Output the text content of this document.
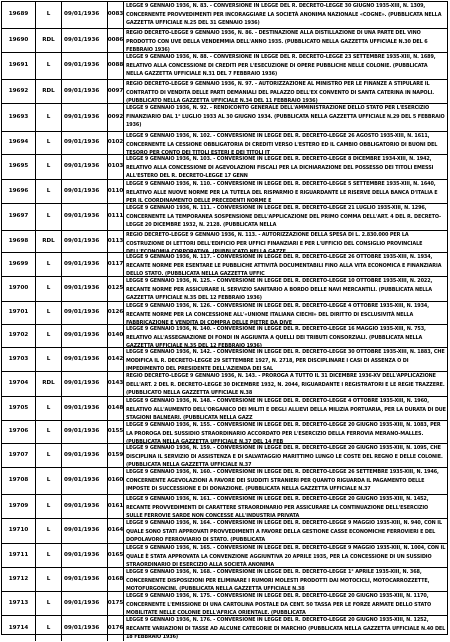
19689	L	09/01/1936	0083
LEGGE 9 GENNAIO 1936, N. 83. - CONVERSIONE IN LEGGE DEL R. DECRETO-LEGGE 30 GIUGNO 1935-XIII, N. 1309, CONCERNENTE PROVVEDIMENTI PER INCORAGGIARE LA SOCIETÀ ANONIMA NAZIONALE «COGNE». (PUBBLICATA NELLA GAZZETTA UFFICIALE N.25 DEL 31 GENNAIO 1936)
19690	RDL	09/01/1936	0086
REGIO DECRETO-LEGGE 9 GENNAIO 1936, N. 86. - DESTINAZIONE ALLA DISTILLAZIONE DI UNA PARTE DEL VINO PRODOTTO CON UVE DELLA VENDEMMIA DELL'ANNO 1935. (PUBBLICATO NELLA GAZZETTA UFFICIALE N.30 DEL 6 FEBBRAIO 1936)
19691	L	09/01/1936	0088
LEGGE 9 GENNAIO 1936, N. 88. - CONVERSIONE IN LEGGE DEL R. DECRETO-LEGGE 23 SETTEMBRE 1935-XIII, N. 1689, RELATIVO ALLA CONCESSIONE DI CREDITI PER L'ESECUZIONE DI OPERE PUBBLICHE NELLE COLONIE. (PUBBLICATA NELLA GAZZETTA UFFICIALE N.31 DEL 7 FEBBRAIO 1936)
19692	RDL	09/01/1936	0097
REGIO DECRETO-LEGGE 9 GENNAIO 1936, N. 97. - AUTORIZZAZIONE AL MINISTRO PER LE FINANZE A STIPULARE IL CONTRATTO DI VENDITA DELLE PARTI DEMANIALI DEL PALAZZO DELL'EX CONVENTO DI SANTA CATERINA IN NAPOLI. (PUBBLICATO NELLA GAZZETTA UFFICIALE N.34 DEL 11 FEBBRAIO 1936)
19693	L	09/01/1936	0092
LEGGE 9 GENNAIO 1936, N. 92. - RENDICONTO GENERALE DELL'AMMINISTRAZIONE DELLO STATO PER L'ESERCIZIO FINANZIARIO DAL 1° LUGLIO 1933 AL 30 GIUGNO 1934. (PUBBLICATA NELLA GAZZETTA UFFICIALE N.29 DEL 5 FEBBRAIO 1936)
19694	L	09/01/1936	0102
LEGGE 9 GENNAIO 1936, N. 102. - CONVERSIONE IN LEGGE DEL R. DECRETO-LEGGE 26 AGOSTO 1935-XIII, N. 1611, CONCERNENTE LA CESSIONE OBBLIGATORIA DI CREDITI VERSO L'ESTERO ED IL CAMBIO OBBLIGATORIO DI BUONI DEL TESORO PER CONTO DEI TITOLI ESTERI E DEI TITOLI IT
19695	L	09/01/1936	0103
LEGGE 9 GENNAIO 1936, N. 103. - CONVERSIONE IN LEGGE DEL R. DECRETO-LEGGE 8 DICEMBRE 1934-XIII, N. 1942, RELATIVO ALLA CONCESSIONE DI AGEVOLAZIONI FISCALI PER LA DICHIARAZIONE DEL POSSESSO DEI TITOLI EMESSI ALL'ESTERO DEL R. DECRETO-LEGGE 17 GENN
19696	L	09/01/1936	0110
LEGGE 9 GENNAIO 1936, N. 110. - CONVERSIONE IN LEGGE DEL R. DECRETO-LEGGE 5 SETTEMBRE 1935-XIII, N. 1640, RELATIVO ALLE NUOVE NORME PER LA TUTELA DEL RISPARMIO E RIGUARDANTE LE RISERVE DELLA BANCA D'ITALIA E PER IL COORDINAMENTO DELLE PRECEDENTI NORME E
19697	L	09/01/1936	0111
LEGGE 9 GENNAIO 1936, N. 111. - CONVERSIONE IN LEGGE DEL R. DECRETO-LEGGE 21 LUGLIO 1935-XIII, N. 1296, CONCERNENTE LA TEMPORANEA SOSPENSIONE DELL'APPLICAZIONE DEL PRIMO COMMA DELL'ART. 4 DEL R. DECRETO-LEGGE 20 DICEMBRE 1932, N. 2128. (PUBBLICATA NELLA
19698	RDL	09/01/1936	0113
REGIO DECRETO-LEGGE 9 GENNAIO 1936, N. 113. - AUTORIZZAZIONE DELLA SPESA DI L. 2.830.000 PER LA COSTRUZIONE DI LETTORI DELL'EDIFICIO PER UFFICI FINANZIARI E PER L'UFFICIO DEL CONSIGLIO PROVINCIALE DELL'ECONOMIA CORPORATIVA. (PUBBLICATO NELLA GAZZE
19699	L	09/01/1936	0117
LEGGE 9 GENNAIO 1936, N. 117. - CONVERSIONE IN LEGGE DEL R. DECRETO-LEGGE 26 OTTOBRE 1935-XIII, N. 1934, RECANTE NORME PER ESENTARE LE PUBBLICHE ATTIVITÀ DOCUMENTABILI FINO ALLA VITA ECONOMICA E FINANZIARIA DELLO STATO. (PUBBLICATA NELLA GAZZETTA UFFIC
19700	L	09/01/1936	0125
LEGGE 9 GENNAIO 1936, N. 125. - CONVERSIONE IN LEGGE DEL R. DECRETO-LEGGE 10 OTTOBRE 1935-XIII, N. 2022, RECANTE NORME PER ASSICURARE IL SERVIZIO SANITARIO A BORDO DELLE NAVI MERCANTILI. (PUBBLICATA NELLA GAZZETTA UFFICIALE N.35 DEL 12 FEBBRAIO 1936)
19701	L	09/01/1936	0126
LEGGE 9 GENNAIO 1936, N. 126. - CONVERSIONE IN LEGGE DEL R. DECRETO-LEGGE 4 OTTOBRE 1935-XIII, N. 1934, RECANTE NORME PER LA CONCESSIONE ALL'«UNIONE ITALIANA CIECHI» DEL DIRITTO DI ESCLUSIVITÀ NELLA FABBRICAZIONE E VENDITA DI COMPRA DELLE PIETRE DA DIVE
19702	L	09/01/1936	0140
LEGGE 9 GENNAIO 1936, N. 140. - CONVERSIONE IN LEGGE DEL R. DECRETO-LEGGE 16 MAGGIO 1935-XIII, N. 753, RELATIVO ALL'ASSEGNAZIONE DI FONDI IN AGGIUNTA A QUELLI DEI TRIBUTI CONSORZIALI. (PUBBLICATA NELLA GAZZETTA UFFICIALE N.35 DEL 12 FEBBRAIO 1936)
19703	L	09/01/1936	0142
LEGGE 9 GENNAIO 1936, N. 142. - CONVERSIONE IN LEGGE DEL R. DECRETO-LEGGE 30 OTTOBRE 1935-XIII, N. 1883, CHE MODIFICA IL R. DECRETO-LEGGE 29 SETTEMBRE 1927, N. 2718, PER DISCIPLINARE I CASI DI ASSENZA O DI IMPEDIMENTO DEL PRESIDENTE DELL'AZIENDA DEI SAL
19704	RDL	09/01/1936	0143
REGIO DECRETO-LEGGE 9 GENNAIO 1936, N. 143. - PROROGA A TUTTO IL 31 DICEMBRE 1936-XV DELL'APPLICAZIONE DELL'ART. 2 DEL R. DECRETO-LEGGE 30 DICEMBRE 1932, N. 2044, RIGUARDANTE I REGISTRATORI E LE REGIE TRAZZERE. (PUBBLICATO NELLA GAZZETTA UFFICIALE N.38
19705	L	09/01/1936	0148
LEGGE 9 GENNAIO 1936, N. 148. - CONVERSIONE IN LEGGE DEL R. DECRETO-LEGGE 4 OTTOBRE 1935-XIII, N. 1960, RELATIVO ALL'AUMENTO DELL'ORGANICO DEI MILITI E DEGLI ALLIEVI DELLA MILIZIA PORTUARIA, PER LA DURATA DI DUE STAGIONI BALNEARI. (PUBBLICATA NELLA GAZZ
19706	L	09/01/1936	0155
LEGGE 9 GENNAIO 1936, N. 155. - CONVERSIONE IN LEGGE DEL R. DECRETO-LEGGE 20 GIUGNO 1935-XIII, N. 1083, PER LA PROROGA DEL SUSSIDIO STRAORDINARIO ACCORDATO PER L'ESERCIZIO DELLA FERROVIA MERANO-MALLES. (PUBBLICATA NELLA GAZZETTA UFFICIALE N.37 DEL 14 FEB
19707	L	09/01/1936	0159
LEGGE 9 GENNAIO 1936, N. 159. - CONVERSIONE IN LEGGE DEL R. DECRETO-LEGGE 20 GIUGNO 1935-XIII, N. 1095, CHE DISCIPLINA IL SERVIZIO DI ASSISTENZA E DI SALVATAGGIO MARITTIMO LUNGO LE COSTE DEL REGNO E DELLE COLONIE. (PUBBLICATA NELLA GAZZETTA UFFICIALE N.37
19708	L	09/01/1936	0160
LEGGE 9 GENNAIO 1936, N. 160. - CONVERSIONE IN LEGGE DEL R. DECRETO-LEGGE 26 SETTEMBRE 1935-XIII, N. 1946, CONCERNENTE AGEVOLAZIONI A FAVORE DEI SUDDITI STRANIERI PER QUANTO RIGUARDA IL PAGAMENTO DELLE IMPOSTE DI SUCCESSIONE E DI DONAZIONE. (PUBBLICATA NELLA GAZZETTA UFFICIALE N.37
19709	L	09/01/1936	0161
LEGGE 9 GENNAIO 1936, N. 161. - CONVERSIONE IN LEGGE DEL R. DECRETO-LEGGE 20 GIUGNO 1935-XIII, N. 1452, RECANTE PROVVEDIMENTI DI CARATTERE STRAORDINARIO PER ASSICURARE LA CONTINUAZIONE DELL'ESERCIZIO SULLE FERROVIE SARDE NON CONCESSE ALL'INDUSTRIA PRIVATA
19710	L	09/01/1936	0164
LEGGE 9 GENNAIO 1936, N. 164. - CONVERSIONE IN LEGGE DEL R. DECRETO-LEGGE 9 MAGGIO 1935-XIII, N. 940, CON IL QUALE SONO STATI APPROVATI PROVVEDIMENTI A FAVORE DELLA GESTIONE CASSE ECONOMICHE FERROVIERI E DEL DOPOLAVORO FERROVIARIO DI STATO. (PUBBLICATA
19711	L	09/01/1936	0165
LEGGE 9 GENNAIO 1936, N. 165. - CONVERSIONE IN LEGGE DEL R. DECRETO-LEGGE 9 MAGGIO 1935-XIII, N. 1004, CON IL QUALE È STATA APPROVATA LA CONVENZIONE AGGIUNTIVA 20 APRILE 1935, PER LA CONCESSIONE DI UN SUSSIDIO STRAORDINARIO DI ESERCIZIO ALLA SOCIETÀ ANONIMA
19712	L	09/01/1936	0168
LEGGE 9 GENNAIO 1936, N. 168. - CONVERSIONE IN LEGGE DEL R. DECRETO-LEGGE 1° APRILE 1935-XIII, N. 368, CONCERNENTE DISPOSIZIONI PER ELIMINARE I RUMORI MOLESTI PRODOTTI DAI MOTOCICLI, MOTOCARROZZETTE, MOTOFURGONCINI. (PUBBLICATA NELLA GAZZETTA UFFICIALE N.38
19713	L	09/01/1936	0175
LEGGE 9 GENNAIO 1936, N. 175. - CONVERSIONE IN LEGGE DEL R. DECRETO-LEGGE 20 GIUGNO 1935-XIII, N. 1170, CONCERNENTE L'EMISSIONE DI UNA CARTOLINA POSTALE DA CENT. 50 TASSA PER LE FORZE ARMATE DELLO STATO MOBILITATE NELLE COLONIE DELL'AFRICA ORIENTALE. (PUBBLICATA
19714	L	09/01/1936	0176
LEGGE 9 GENNAIO 1936, N. 176. - CONVERSIONE IN LEGGE DEL R. DECRETO-LEGGE 20 GIUGNO 1935-XIII, N. 1252, RECANTE VARIAZIONI DI TASSE AD ALCUNE CATEGORIE DI MARCHIO (PUBBLICATA NELLA GAZZETTA UFFICIALE N.40 DEL 18 FEBBRAIO 1936)
